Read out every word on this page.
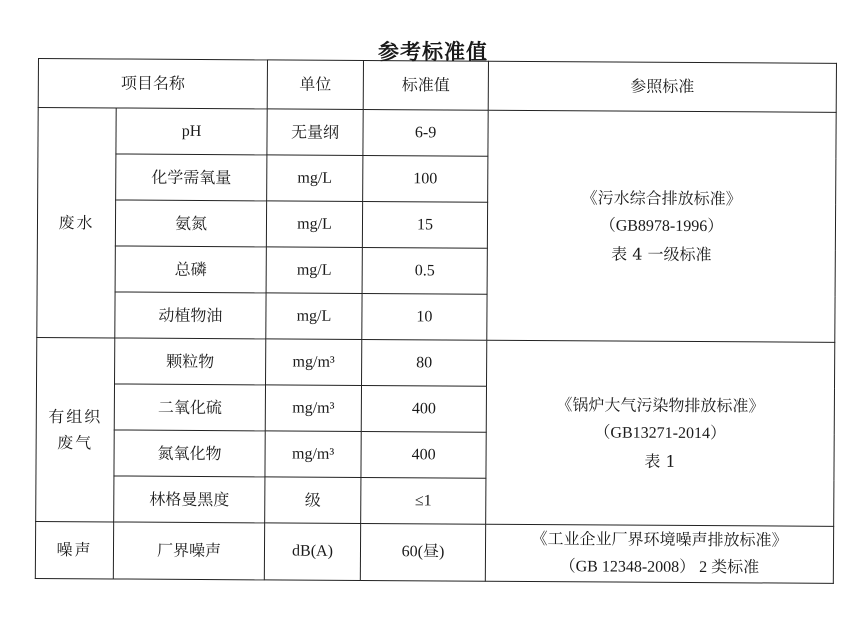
参考标准值
项目名称		单位	标准值	参照标准
废水	pH	无量纲	6-9	《污水综合排放标准》
（GB8978-1996）
表 4 一级标准

	化学需氧量	mg/L	100	
	氨氮	mg/L	15	
	总磷	mg/L	0.5	
	动植物油	mg/L	10	

有组织
废气	颗粒物	mg/m³	80	《锅炉大气污染物排放标准》
（GB13271-2014）
表 1

	二氧化硫	mg/m³	400	
	氮氧化物	mg/m³	400	
	林格曼黑度	级	≤1	
噪声	厂界噪声	dB(A)	60(昼)	《工业企业厂界环境噪声排放标准》
（GB 12348-2008） 2 类标准
